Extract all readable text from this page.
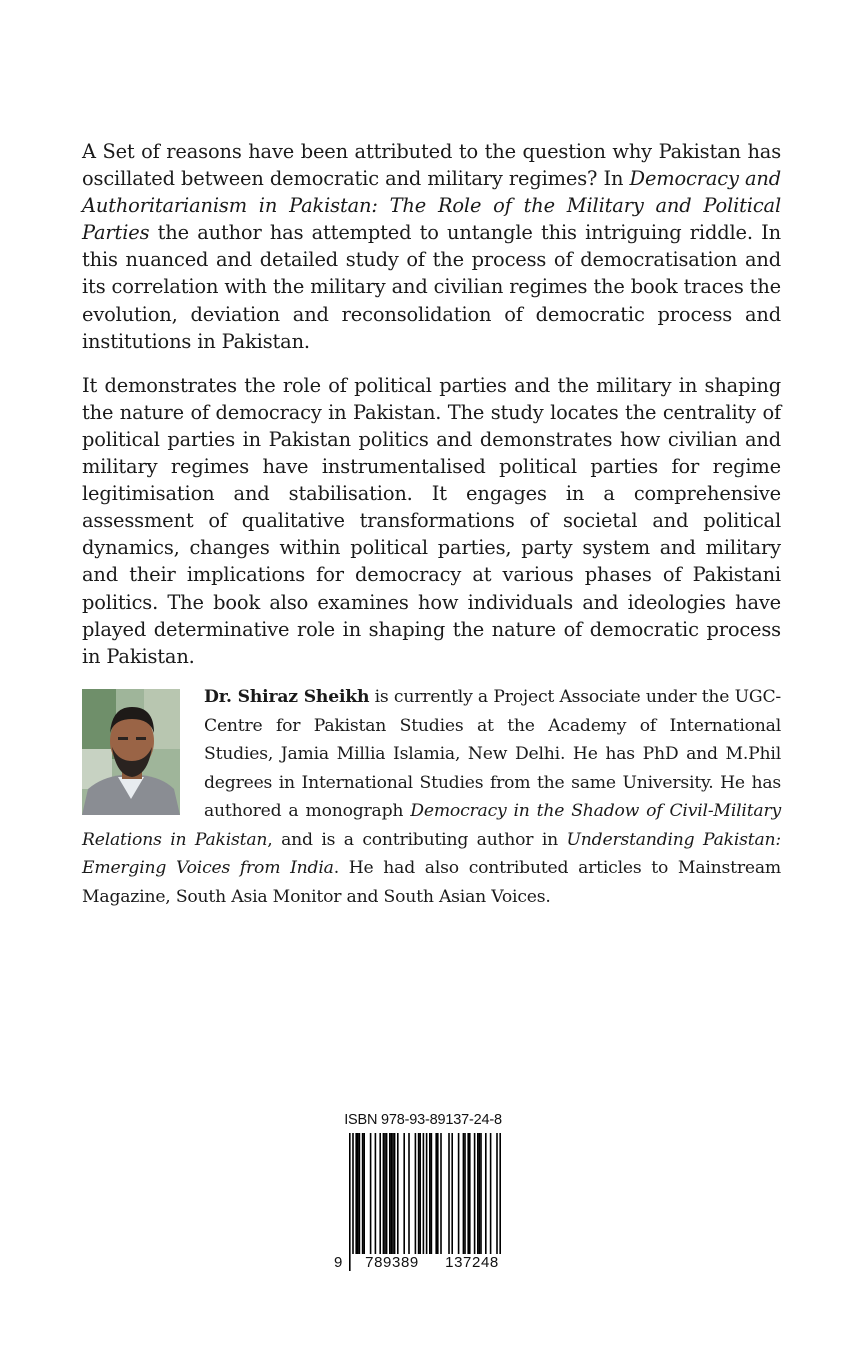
A Set of reasons have been attributed to the question why Pakistan has oscillated between democratic and military regimes? In Democracy and Authoritarianism in Pakistan: The Role of the Military and Political Parties the author has attempted to untangle this intriguing riddle. In this nuanced and detailed study of the process of democratisation and its correlation with the military and civilian regimes the book traces the evolution, deviation and reconsolidation of democratic process and institutions in Pakistan.

It demonstrates the role of political parties and the military in shaping the nature of democracy in Pakistan. The study locates the centrality of political parties in Pakistan politics and demonstrates how civilian and military regimes have instrumentalised political parties for regime legitimisation and stabilisation. It engages in a comprehensive assessment of qualitative transformations of societal and political dynamics, changes within political parties, party system and military and their implications for democracy at various phases of Pakistani politics. The book also examines how individuals and ideologies have played determinative role in shaping the nature of democratic process in Pakistan.

Dr. Shiraz Sheikh is currently a Project Associate under the UGC-Centre for Pakistan Studies at the Academy of International Studies, Jamia Millia Islamia, New Delhi. He has PhD and M.Phil degrees in International Studies from the same University. He has authored a monograph Democracy in the Shadow of Civil-Military Relations in Pakistan, and is a contributing author in Understanding Pakistan: Emerging Voices from India. He had also contributed articles to Mainstream Magazine, South Asia Monitor and South Asian Voices.
ISBN 978-93-89137-24-8
9	789389	137248
